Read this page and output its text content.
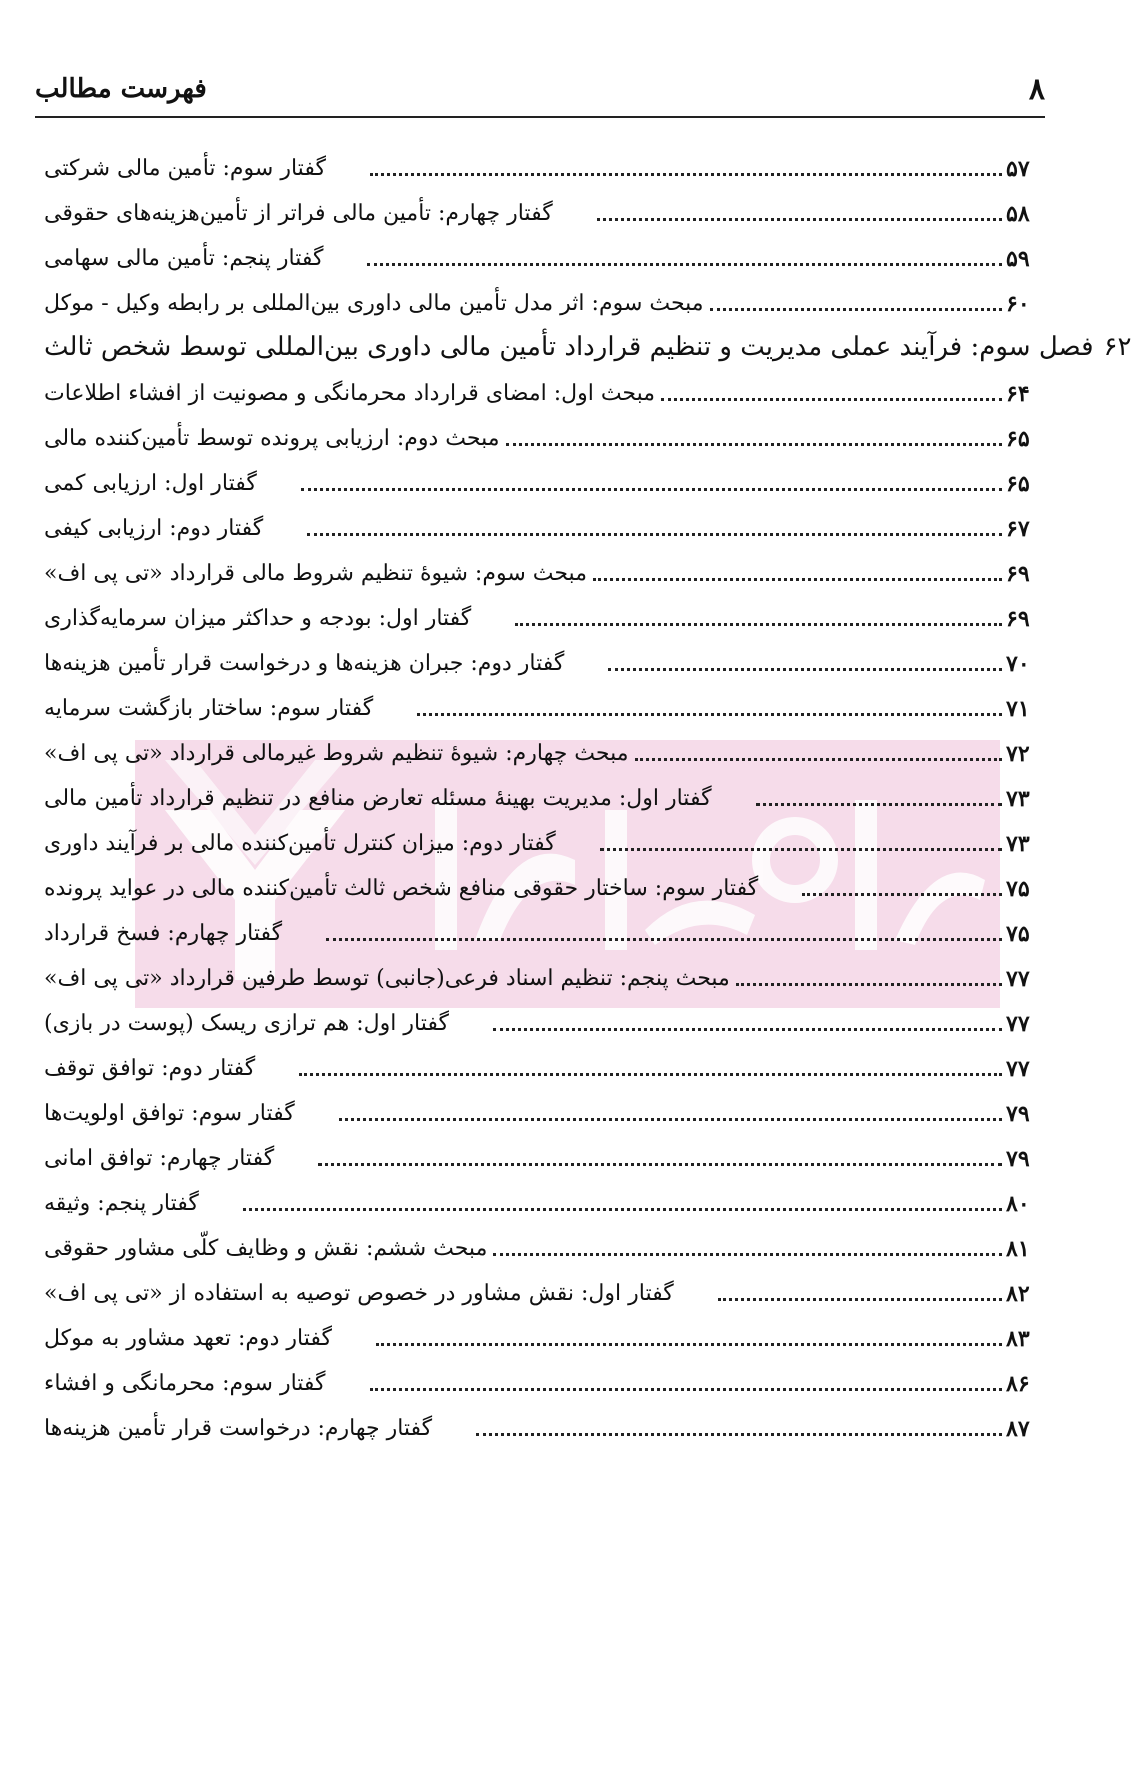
۸
فهرست مطالب
گفتار سوم: تأمین مالی شرکتی	۵۷
گفتار چهارم: تأمین مالی فراتر از تأمین‌هزینه‌های حقوقی	۵۸
گفتار پنجم: تأمین مالی سهامی	۵۹
مبحث سوم: اثر مدل تأمین مالی داوری بین‌المللی بر رابطه وکیل - موکل	۶۰
فصل سوم: فرآیند عملی مدیریت و تنظیم قرارداد تأمین مالی داوری بین‌المللی توسط شخص ثالث ۶۲
مبحث اول: امضای قرارداد محرمانگی و مصونیت از افشاء اطلاعات	۶۴
مبحث دوم: ارزیابی پرونده توسط تأمین‌کننده مالی	۶۵
گفتار اول: ارزیابی کمی	۶۵
گفتار دوم: ارزیابی کیفی	۶۷
مبحث سوم: شیوهٔ تنظیم شروط مالی قرارداد «تی پی اف»	۶۹
گفتار اول: بودجه و حداکثر میزان سرمایه‌گذاری	۶۹
گفتار دوم: جبران هزینه‌ها و درخواست قرار تأمین هزینه‌ها	۷۰
گفتار سوم: ساختار بازگشت سرمایه	۷۱
مبحث چهارم: شیوهٔ تنظیم شروط غیرمالی قرارداد «تی پی اف»	۷۲
گفتار اول: مدیریت بهینهٔ مسئله تعارض منافع در تنظیم قرارداد تأمین مالی	۷۳
گفتار دوم: میزان کنترل تأمین‌کننده مالی بر فرآیند داوری	۷۳
گفتار سوم: ساختار حقوقی منافع شخص ثالث تأمین‌کننده مالی در عواید پرونده	۷۵
گفتار چهارم: فسخ قرارداد	۷۵
مبحث پنجم: تنظیم اسناد فرعی(جانبی) توسط طرفین قرارداد «تی پی اف»	۷۷
گفتار اول: هم ترازی ریسک (پوست در بازی)	۷۷
گفتار دوم: توافق توقف	۷۷
گفتار سوم: توافق اولویت‌ها	۷۹
گفتار چهارم: توافق امانی	۷۹
گفتار پنجم: وثیقه	۸۰
مبحث ششم: نقش و وظایف کلّی مشاور حقوقی	۸۱
گفتار اول: نقش مشاور در خصوص توصیه به استفاده از «تی پی اف»	۸۲
گفتار دوم: تعهد مشاور به موکل	۸۳
گفتار سوم: محرمانگی و افشاء	۸۶
گفتار چهارم: درخواست قرار تأمین هزینه‌ها	۸۷
